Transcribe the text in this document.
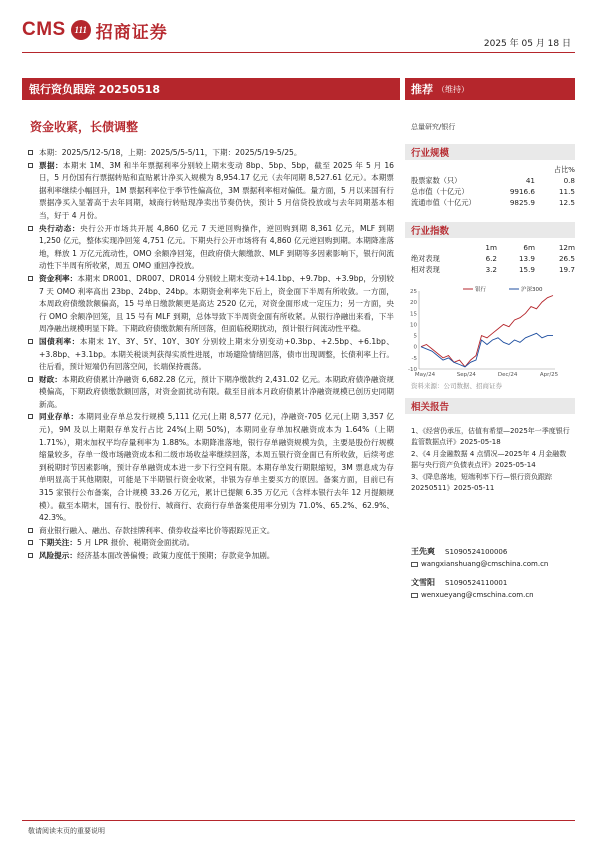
CMS 111 招商证券
2025 年 05 月 18 日
银行资负跟踪 20250518	推荐 （维持）
资金收紧，长债调整	总量研究/银行
本期：2025/5/12-5/18，上期：2025/5/5-5/11，下期：2025/5/19-5/25。
票据：本期末 1M、3M 和半年票据利率分别较上期末变动 8bp、5bp、5bp，截至 2025 年 5 月 16 日，5 月份国有行票据转贴和直贴累计净买入规模为 8,954.17 亿元（去年同期 8,527.61 亿元）。本期票据利率继续小幅回升，1M 票据利率位于季节性偏高位，3M 票据利率相对偏低。量方面，5 月以来国有行票据净买入显著高于去年同期，城商行转贴现净卖出节奏仍快，预计 5 月信贷投放或与去年同期基本相当，好于 4 月份。
央行动态：央行公开市场共开展 4,860 亿元 7 天逆回购操作，逆回购到期 8,361 亿元，MLF 到期 1,250 亿元，整体实现净回笼 4,751 亿元。下期央行公开市场将有 4,860 亿元逆回购到期。本期降准落地，释放 1 万亿元流动性，OMO 余额净回笼，但政府债大额缴款、MLF 到期等多因素影响下，银行间流动性下半周有所收紧，周五 OMO 重回净投放。
资金利率：本期末 DR001、DR007、DR014 分别较上期末变动+14.1bp、+9.7bp、+3.9bp，分别较 7 天 OMO 利率高出 23bp、24bp、24bp。本期资金利率先下后上，资金面下半周有所收敛。一方面，本周政府债缴款额偏高，15 号单日缴款额更是高达 2520 亿元，对资金面形成一定压力；另一方面，央行 OMO 余额净回笼，且 15 号有 MLF 到期，总体导致下半周资金面有所收紧。从银行净融出来看，下半周净融出规模明显下降。下期政府债缴款额有所回落，但面临税期扰动，预计银行间流动性平稳。
国债利率：本期末 1Y、3Y、5Y、10Y、30Y 分别较上期末分别变动+0.3bp、+2.5bp、+6.1bp、+3.8bp、+3.1bp。本期关税谈判获得实质性进展，市场避险情绪回落，债市出现调整，长债利率上行。往后看，预计短端仍有回落空间，长端保持震荡。
财政：本期政府债累计净融资 6,682.28 亿元，预计下期净缴款约 2,431.02 亿元。本期政府债净融资规模偏高，下期政府债缴款额回落，对资金面扰动有限。截至目前本月政府债累计净融资规模已创历史同期新高。
同业存单：本期同业存单总发行规模 5,111 亿元(上期 8,577 亿元)，净融资-705 亿元(上期 3,357 亿元)，9M 及以上期限存单发行占比 24%(上期 50%)，本期同业存单加权融资成本为 1.64%（上期 1.71%），期末加权平均存量利率为 1.88%。本期降准落地，银行存单融资规模为负，主要是股份行规模缩量较多，存单一级市场融资成本和二级市场收益率继续回落，本周五银行资金面已有所收敛，后续考虑到税期时节因素影响，预计存单融资成本进一步下行空间有限。本期存单发行期限缩短，3M 票息成为存单明显高于其他期限，可能是下半期银行资金收紧，非银为存单主要买方的原因。备案方面，目前已有 315 家银行公布备案，合计规模 33.26 万亿元，累计已提额 6.35 万亿元（含样本银行去年 12 月提额规模）。截至本期末，国有行、股份行、城商行、农商行存单备案使用率分别为 71.0%、65.2%、62.9%、42.3%。
商业银行融入、融出、存款挂牌利率、债券收益率比价等跟踪见正文。
下期关注：5 月 LPR 报价、税期资金面扰动。
风险提示：经济基本面改善偏慢；政策力度低于预期；存款竞争加剧。
行业规模
		占比%
股票家数（只）	41	0.8
总市值（十亿元）	9916.6	11.5
流通市值（十亿元）	9825.9	12.5
行业指数
	1m	6m	12m
绝对表现	6.2	13.9	26.5
相对表现	3.2	15.9	19.7
25
20
15
10
5
0
-5
-10
May/24	Sep/24	Dec/24	Apr/25
银行	沪深300
资料来源：公司数据、招商证券
相关报告
1、《经营仍承压，估值有希望—2025年一季度银行监管数据点评》2025-05-18
2、《4 月金融数据 4 点情况—2025年 4 月金融数据与央行资产负债表点评》2025-05-14
3、《降息落地，短端利率下行—银行资负跟踪 20250511》2025-05-11
王先爽	S1090524100006
wangxianshuang@cmschina.com.cn
文雪阳	S1090524110001
wenxueyang@cmschina.com.cn
敬请阅读末页的重要说明
